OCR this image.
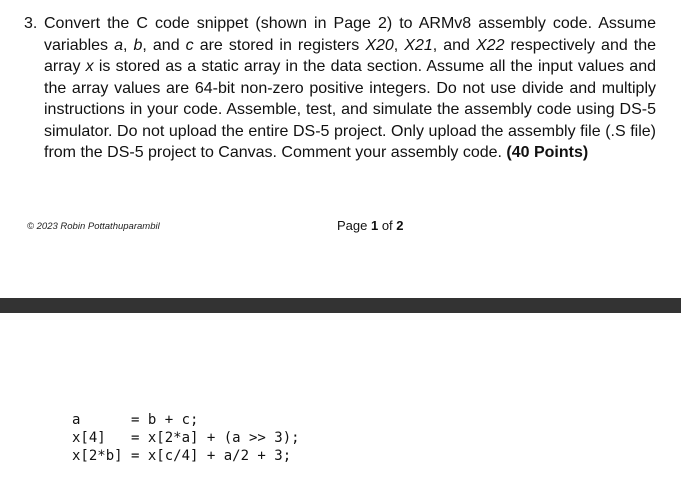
3. Convert the C code snippet (shown in Page 2) to ARMv8 assembly code. Assume variables a, b, and c are stored in registers X20, X21, and X22 respectively and the array x is stored as a static array in the data section. Assume all the input values and the array values are 64-bit non-zero positive integers. Do not use divide and multiply instructions in your code. Assemble, test, and simulate the assembly code using DS-5 simulator. Do not upload the entire DS-5 project. Only upload the assembly file (.S file) from the DS-5 project to Canvas. Comment your assembly code. (40 Points)
© 2023 Robin Pottathuparambil	Page 1 of 2
a      = b + c;
x[4]   = x[2*a] + (a >> 3);
x[2*b] = x[c/4] + a/2 + 3;
